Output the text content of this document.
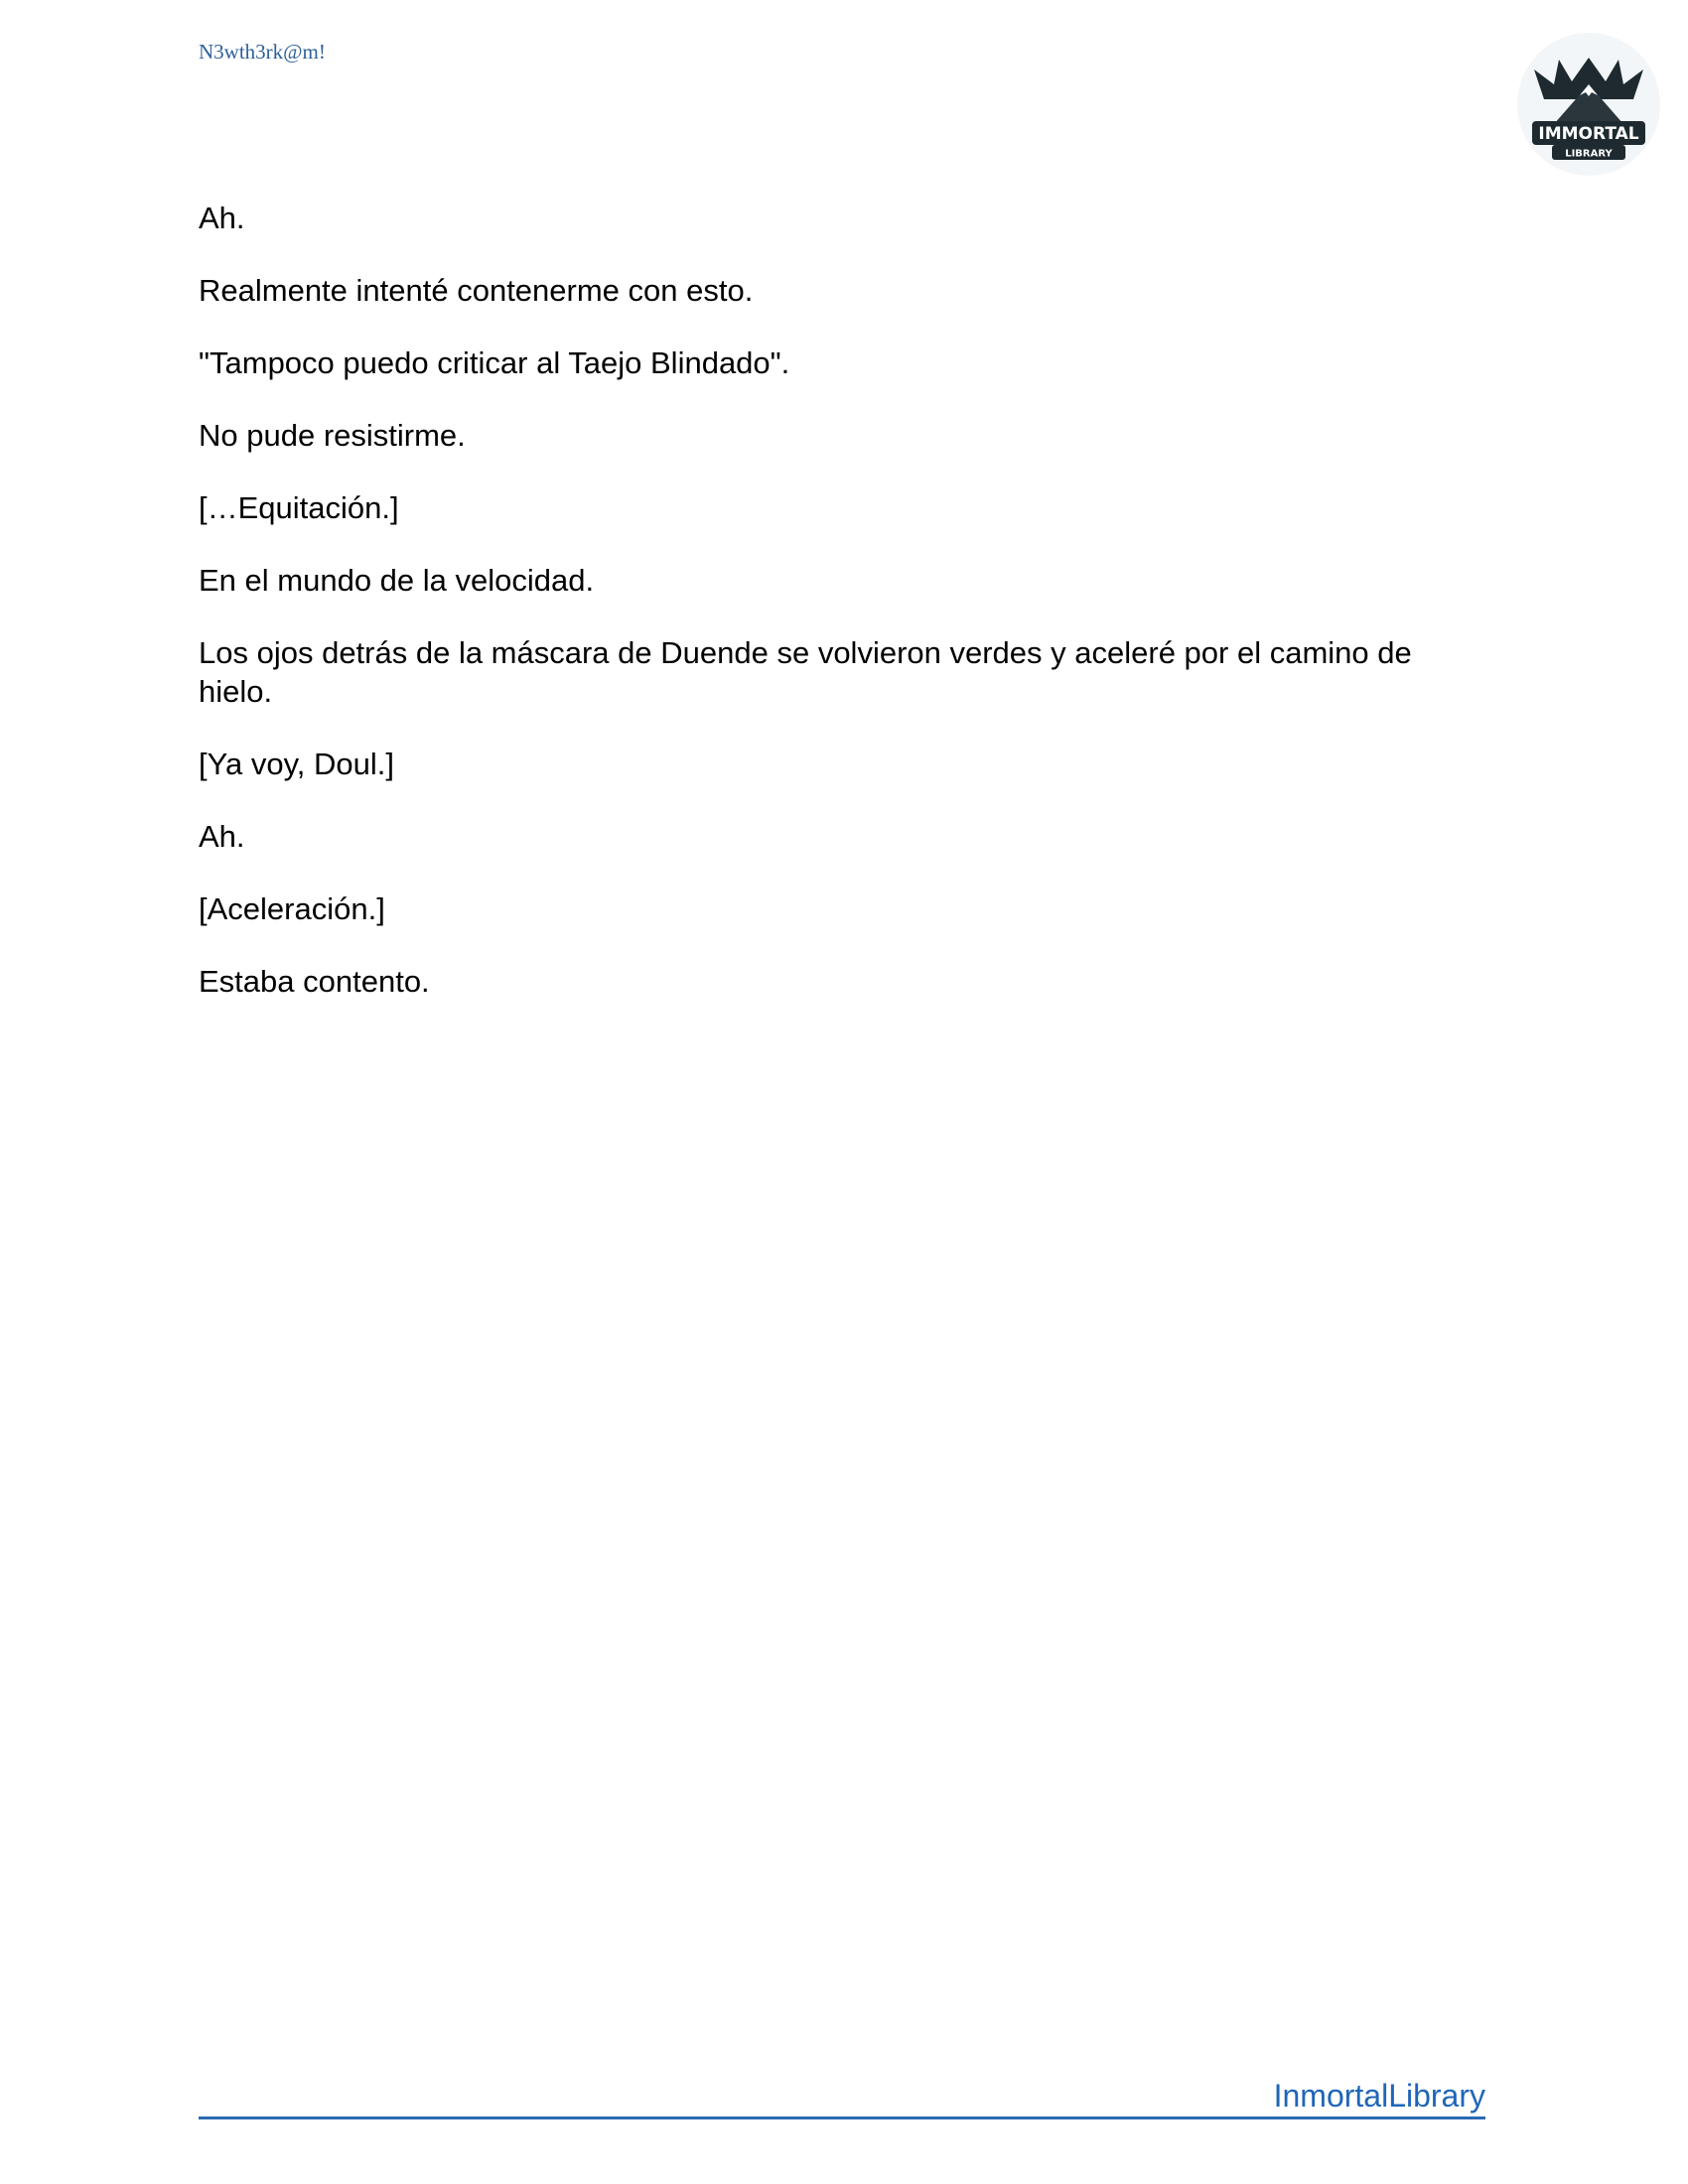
N3wth3rk@m!
IMMORTAL
LIBRARY

Ah.

Realmente intenté contenerme con esto.

"Tampoco puedo criticar al Taejo Blindado".

No pude resistirme.

[…Equitación.]

En el mundo de la velocidad.

Los ojos detrás de la máscara de Duende se volvieron verdes y aceleré por el camino de hielo.

[Ya voy, Doul.]

Ah.

[Aceleración.]

Estaba contento.

InmortalLibrary
